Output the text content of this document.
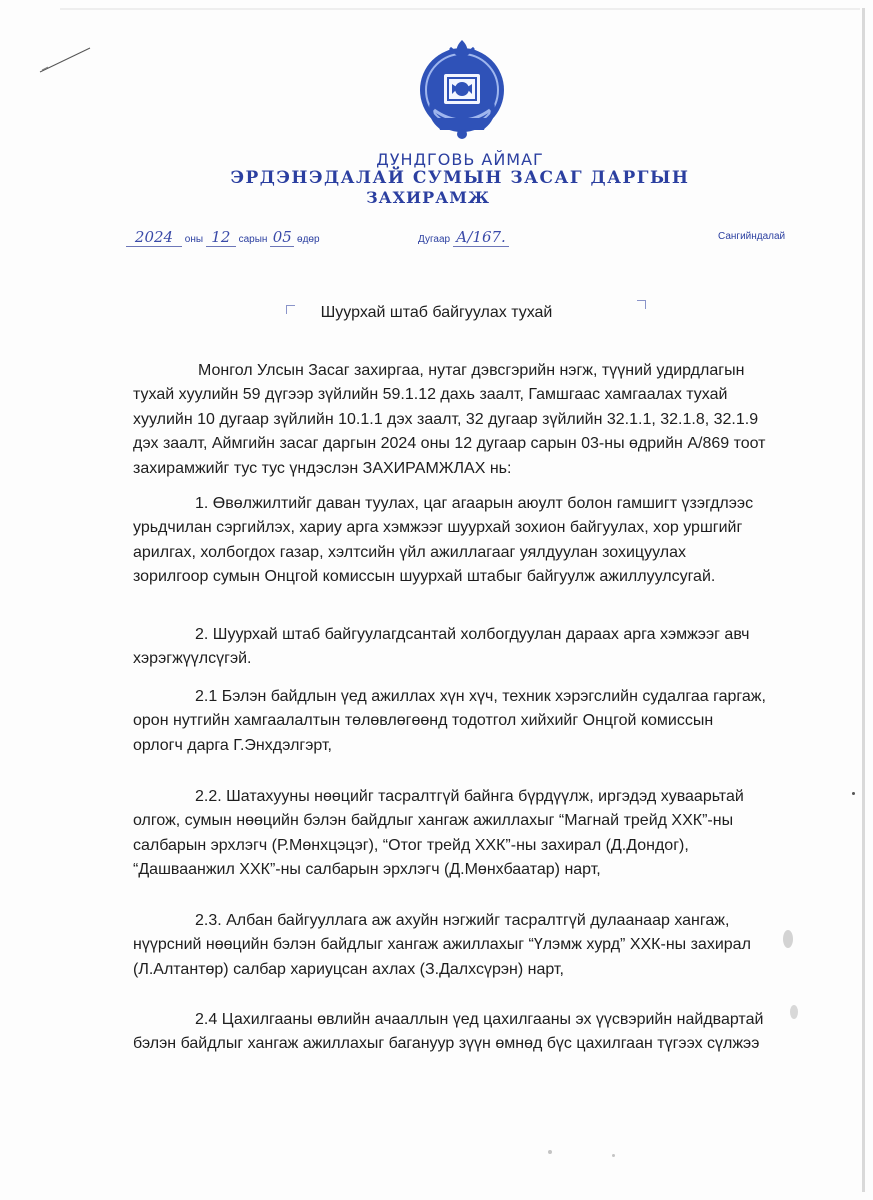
ДУНДГОВЬ АЙМАГ
ЭРДЭНЭДАЛАЙ СУМЫН ЗАСАГ ДАРГЫН
ЗАХИРАМЖ
2024 оны 12 сарын 05 өдөр	Дугаар А/167.	Сангийндалай
Шуурхай штаб байгуулах тухай
Монгол Улсын Засаг захиргаа, нутаг дэвсгэрийн нэгж, түүний удирдлагын
тухай хуулийн 59 дүгээр зүйлийн 59.1.12 дахь заалт, Гамшгаас хамгаалах тухай
хуулийн 10 дугаар зүйлийн 10.1.1 дэх заалт, 32 дугаар зүйлийн 32.1.1, 32.1.8, 32.1.9
дэх заалт, Аймгийн засаг даргын 2024 оны 12 дугаар сарын 03-ны өдрийн А/869 тоот
захирамжийг тус тус үндэслэн ЗАХИРАМЖЛАХ нь:
1. Өвөлжилтийг даван туулах, цаг агаарын аюулт болон гамшигт үзэгдлээс
урьдчилан сэргийлэх, хариу арга хэмжээг шуурхай зохион байгуулах, хор уршгийг
арилгах, холбогдох газар, хэлтсийн үйл ажиллагааг уялдуулан зохицуулах
зорилгоор сумын Онцгой комиссын шуурхай штабыг байгуулж ажиллуулсугай.
2. Шуурхай штаб байгуулагдсантай холбогдуулан дараах арга хэмжээг авч
хэрэгжүүлсүгэй.
2.1 Бэлэн байдлын үед ажиллах хүн хүч, техник хэрэгслийн судалгаа гаргаж,
орон нутгийн хамгаалалтын төлөвлөгөөнд тодотгол хийхийг Онцгой комиссын
орлогч дарга Г.Энхдэлгэрт,
2.2. Шатахууны нөөцийг тасралтгүй байнга бүрдүүлж, иргэдэд хуваарьтай
олгож, сумын нөөцийн бэлэн байдлыг хангаж ажиллахыг “Магнай трейд ХХК”-ны
салбарын эрхлэгч (Р.Мөнхцэцэг), “Отог трейд ХХК”-ны захирал (Д.Дондог),
“Дашваанжил ХХК”-ны салбарын эрхлэгч (Д.Мөнхбаатар) нарт,
2.3. Албан байгууллага аж ахуйн нэгжийг тасралтгүй дулаанаар хангаж,
нүүрсний нөөцийн бэлэн байдлыг хангаж ажиллахыг “Үлэмж хурд” ХХК-ны захирал
(Л.Алтантөр) салбар хариуцсан ахлах (З.Далхсүрэн) нарт,
2.4 Цахилгааны өвлийн ачааллын үед цахилгааны эх үүсвэрийн найдвартай
бэлэн байдлыг хангаж ажиллахыг багануур зүүн өмнөд бүс цахилгаан түгээх сүлжээ
